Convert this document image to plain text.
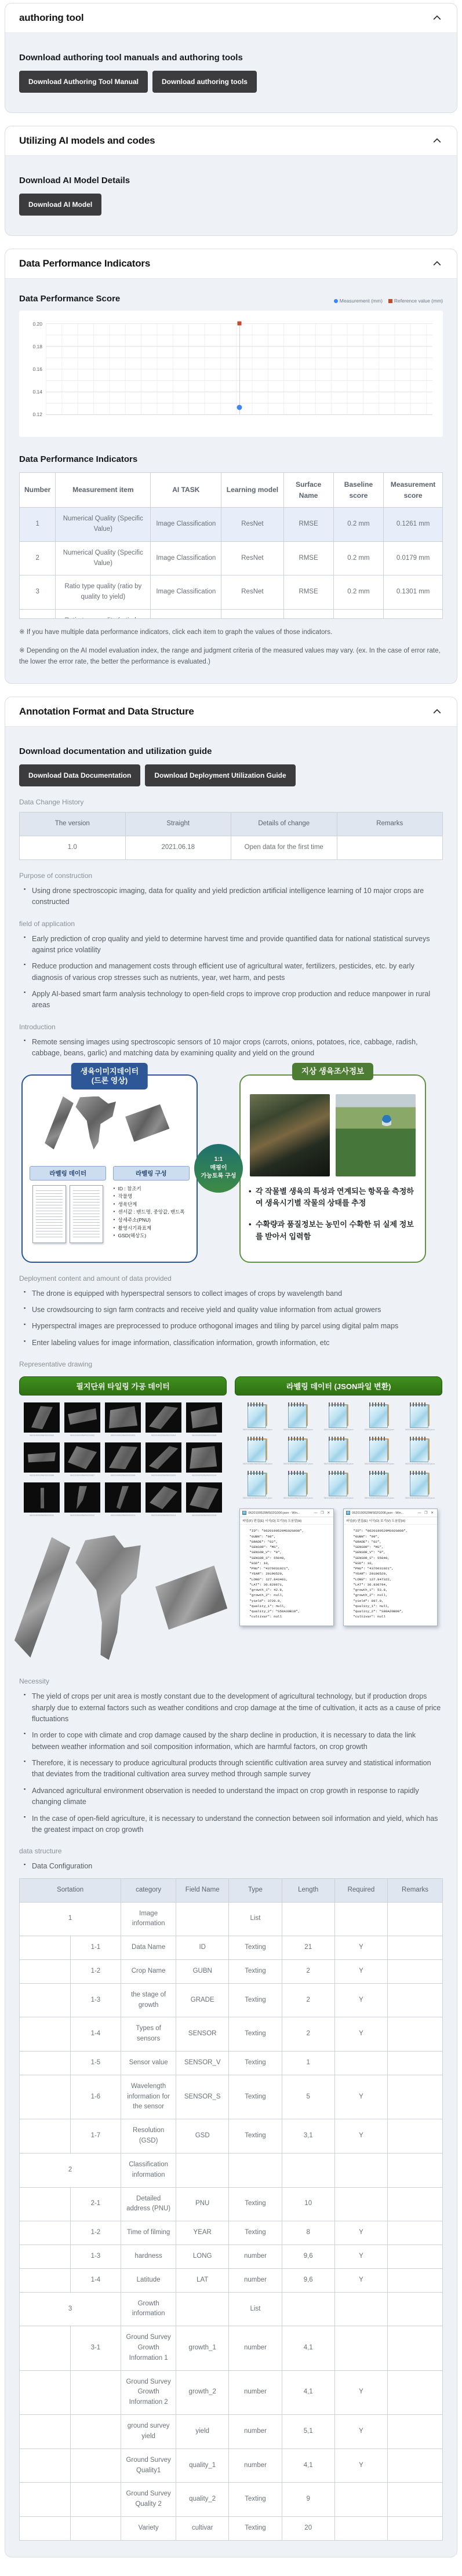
authoring tool
Download authoring tool manuals and authoring tools
Download Authoring Tool Manual	Download authoring tools
Utilizing AI models and codes
Download AI Model Details
Download AI Model
Data Performance Indicators
Data Performance Score	Measurement (mm) Reference value (mm)
0.20
0.18
0.16
0.14
0.12
Data Performance Indicators
Number	Measurement item	AI TASK	Learning model	Surface Name	Baseline score	Measurement score
1	Numerical Quality (Specific Value)	Image Classification	ResNet	RMSE	0.2 mm	0.1261 mm
2	Numerical Quality (Specific Value)	Image Classification	ResNet	RMSE	0.2 mm	0.0179 mm
3	Ratio type quality (ratio by quality to yield)	Image Classification	ResNet	RMSE	0.2 mm	0.1301 mm

※ If you have multiple data performance indicators, click each item to graph the values of those indicators.

※ Depending on the AI model evaluation index, the range and judgment criteria of the measured values may vary. (ex. In the case of error rate, the lower the error rate, the better the performance is evaluated.)

Annotation Format and Data Structure
Download documentation and utilization guide
Download Data Documentation	Download Deployment Utilization Guide
Data Change History
The version	Straight	Details of change	Remarks
1.0	2021.06.18	Open data for the first time	
Purpose of construction
▪ Using drone spectroscopic imaging, data for quality and yield prediction artificial intelligence learning of 10 major crops are constructed
field of application
▪ Early prediction of crop quality and yield to determine harvest time and provide quantified data for national statistical surveys against price volatility
▪ Reduce production and management costs through efficient use of agricultural water, fertilizers, pesticides, etc. by early diagnosis of various crop stresses such as nutrients, year, wet harm, and pests
▪ Apply AI-based smart farm analysis technology to open-field crops to improve crop production and reduce manpower in rural areas
Introduction
▪ Remote sensing images using spectroscopic sensors of 10 major crops (carrots, onions, potatoes, rice, cabbage, radish, cabbage, beans, garlic) and matching data by examining quality and yield on the ground
생육이미지데이터
(드론 영상)
라벨링 데이터	라벨링 구성
• ID : 참조키
• 작물명
• 생육단계
• 센서값 : 밴드명, 중앙값, 밴드폭
• 상세주소(PNU)
• 촬영시기좌표계
• GSD(해상도)
1:1
매핑이
가능토록 구성
지상 생육조사정보
• 각 작물별 생육의 특성과 연계되는 항목을 측정하여 생육시기별 작물의 상태를 추정
• 수확량과 품질정보는 농민이 수확한 뒤 실제 정보를 받아서 입력함
Deployment content and amount of data provided
▪ The drone is equipped with hyperspectral sensors to collect images of crops by wavelength band
▪ Use crowdsourcing to sign farm contracts and receive yield and quality value information from actual growers
▪ Hyperspectral images are preprocessed to produce orthogonal images and tiling by parcel using digital palm maps
▪ Enter labeling values for image information, classification information, growth information, etc
Representative drawing
필지단위 타일링 가공 데이터
0620190529MS02G000	0620190529MS02G002	0620190529MS02G003	0620190529MS02G004	0620190529MS02G005
0620190529MS02G006	0620190529MS02G007	0620190529MS02G008	0620190529MS02G009	0620190529MS02G010
0620190529MS02G011	0620190529MS02G012	0620190529MS02G013	0620190529MS02G014	0620190529MS02G015
라벨링 데이터 (JSON파일 변환)
0620190529MS02G000.json	0620190529MS02G002.json	0620190529MS02G003.json	0620190529MS02G004.json	0620190529MS02G005.json
0620190529MS02G006.json	0620190529MS02G007.json	0620190529MS02G008.json	0620190529MS02G009.json	0620190529MS02G010.json
0620190529MS02G011.json	0620190529MS02G012.json	0620190529MS02G013.json	0620190529MS02G014.json	0620190529MS02G015.json
0620190529MS02G000.json - Win...	— ❐ ✕
파일(F) 편집(E) 서식(O) 보기(V) 도움말(H)
"ID": "0620190529MS02G000",
"GUBN": "08",
"GRADE": "02",
"SENSOR": "MS",
"SENSOR_V": "0",
"SENSOR_S": 55040,
"GSD": 10,
"PNU": "4376031021",
"YEAR": 20190529,
"LONG": 127.843401,
"LAT": 36.828671,
"growth_1": 42.8,
"growth_2": null,
"yield": 3720.9,
"quality_1": null,
"quality_2": "S50A30B10",
"cultivar": null
0620190529MS02G008.json - Win...	— ❐ ✕
파일(F) 편집(E) 서식(O) 보기(V) 도움말(H)
"ID": "0620190529MS02G008",
"GUBN": "09",
"GRADE": "02",
"SENSOR": "MS",
"SENSOR_V": "0",
"SENSOR_S": 55040,
"GSD": 10,
"PNU": "4376031021",
"YEAR": 20190529,
"LONG": 127.847322,
"LAT": 36.830794,
"growth_1": 53.8,
"growth_2": null,
"yield": 897.0,
"quality_1": null,
"quality_2": "S80A20B00",
"cultivar": null
Necessity
▪ The yield of crops per unit area is mostly constant due to the development of agricultural technology, but if production drops sharply due to external factors such as weather conditions and crop damage at the time of cultivation, it acts as a cause of price fluctuations
▪ In order to cope with climate and crop damage caused by the sharp decline in production, it is necessary to data the link between weather information and soil composition information, which are harmful factors, on crop growth
▪ Therefore, it is necessary to produce agricultural products through scientific cultivation area survey and statistical information that deviates from the traditional cultivation area survey method through sample survey
▪ Advanced agricultural environment observation is needed to understand the impact on crop growth in response to rapidly changing climate
▪ In the case of open-field agriculture, it is necessary to understand the connection between soil information and yield, which has the greatest impact on crop growth
data structure
▪ Data Configuration
Sortation		category	Field Name	Type	Length	Required	Remarks
1		Image information		List			
	1-1	Data Name	ID	Texting	21	Y	
	1-2	Crop Name	GUBN	Texting	2	Y	
	1-3	the stage of growth	GRADE	Texting	2	Y	
	1-4	Types of sensors	SENSOR	Texting	2	Y	
	1-5	Sensor value	SENSOR_V	Texting	1		
	1-6	Wavelength information for the sensor	SENSOR_S	Texting	5	Y	
	1-7	Resolution (GSD)	GSD	Texting	3,1	Y	
2		Classification information					
	2-1	Detailed address (PNU)	PNU	Texting	10		
	1-2	Time of filming	YEAR	Texting	8	Y	
	1-3	hardness	LONG	number	9,6	Y	
	1-4	Latitude	LAT	number	9,6	Y	
3		Growth information		List			
	3-1	Ground Survey Growth Information 1	growth_1	number	4,1		
		Ground Survey Growth Information 2	growth_2	number	4,1	Y	
		ground survey yield	yield	number	5,1	Y	
		Ground Survey Quality1	quality_1	number	4,1	Y	
		Ground Survey Quality 2	quality_2	Texting	9		
		Variety	cultivar	Texting	20		
